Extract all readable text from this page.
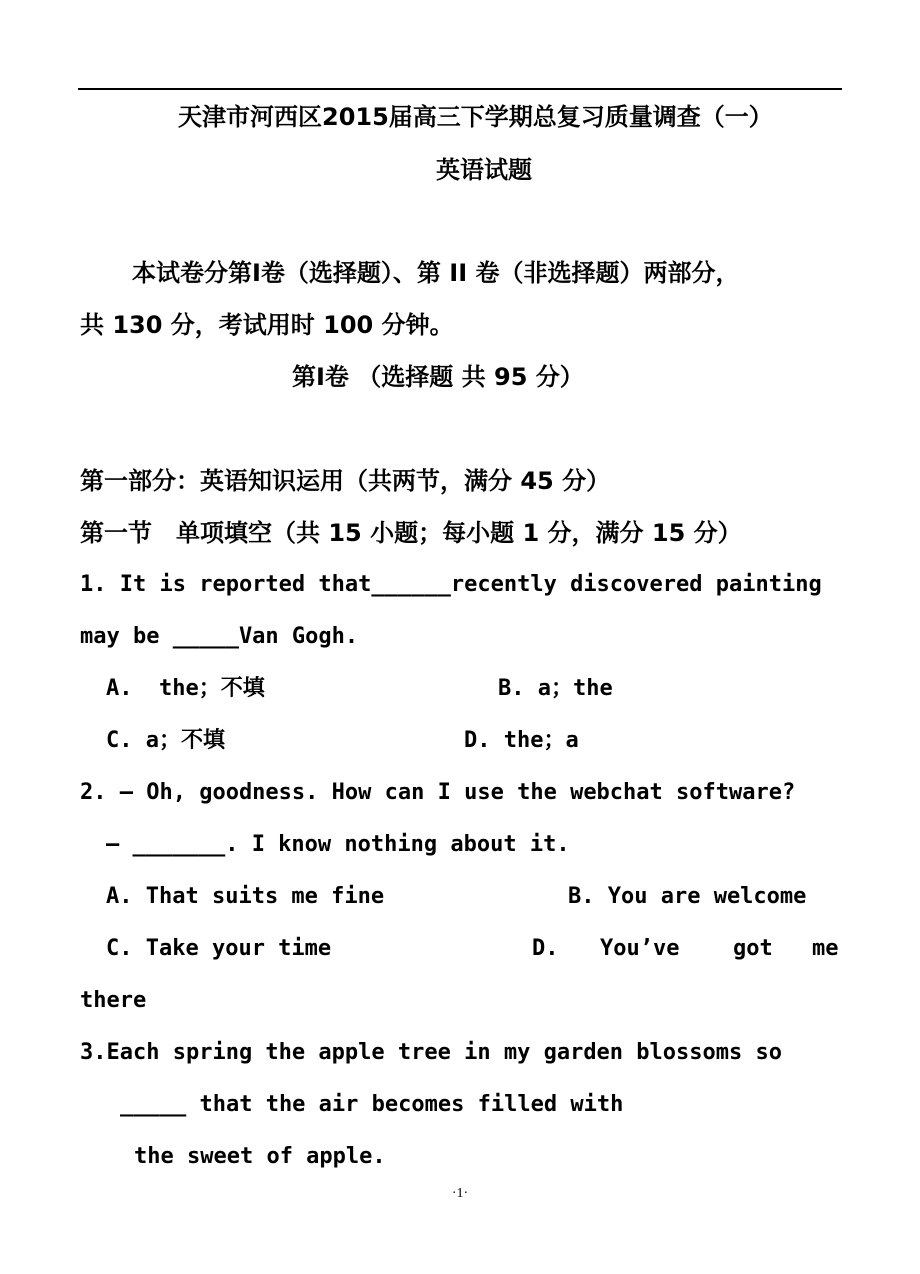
天津市河西区2015届高三下学期总复习质量调查（一）
英语试题
本试卷分第Ⅰ卷（选择题）、第 II 卷（非选择题）两部分，
共 130 分，考试用时 100 分钟。
第Ⅰ卷 （选择题 共 95 分）
第一部分：英语知识运用（共两节，满分 45 分）
第一节　单项填空（共 15 小题；每小题 1 分，满分 15 分）
1. It is reported that______recently discovered painting
may be _____Van Gogh.
A.  the；不填	B. a；the
C. a；不填	D. the；a
2. — Oh, goodness. How can I use the webchat software?
— _______. I know nothing about it.
A. That suits me fine	B. You are welcome
C. Take your time	D. You’ve got me
there
3.Each spring the apple tree in my garden blossoms so
_____ that the air becomes filled with
the sweet of apple.
·1·
